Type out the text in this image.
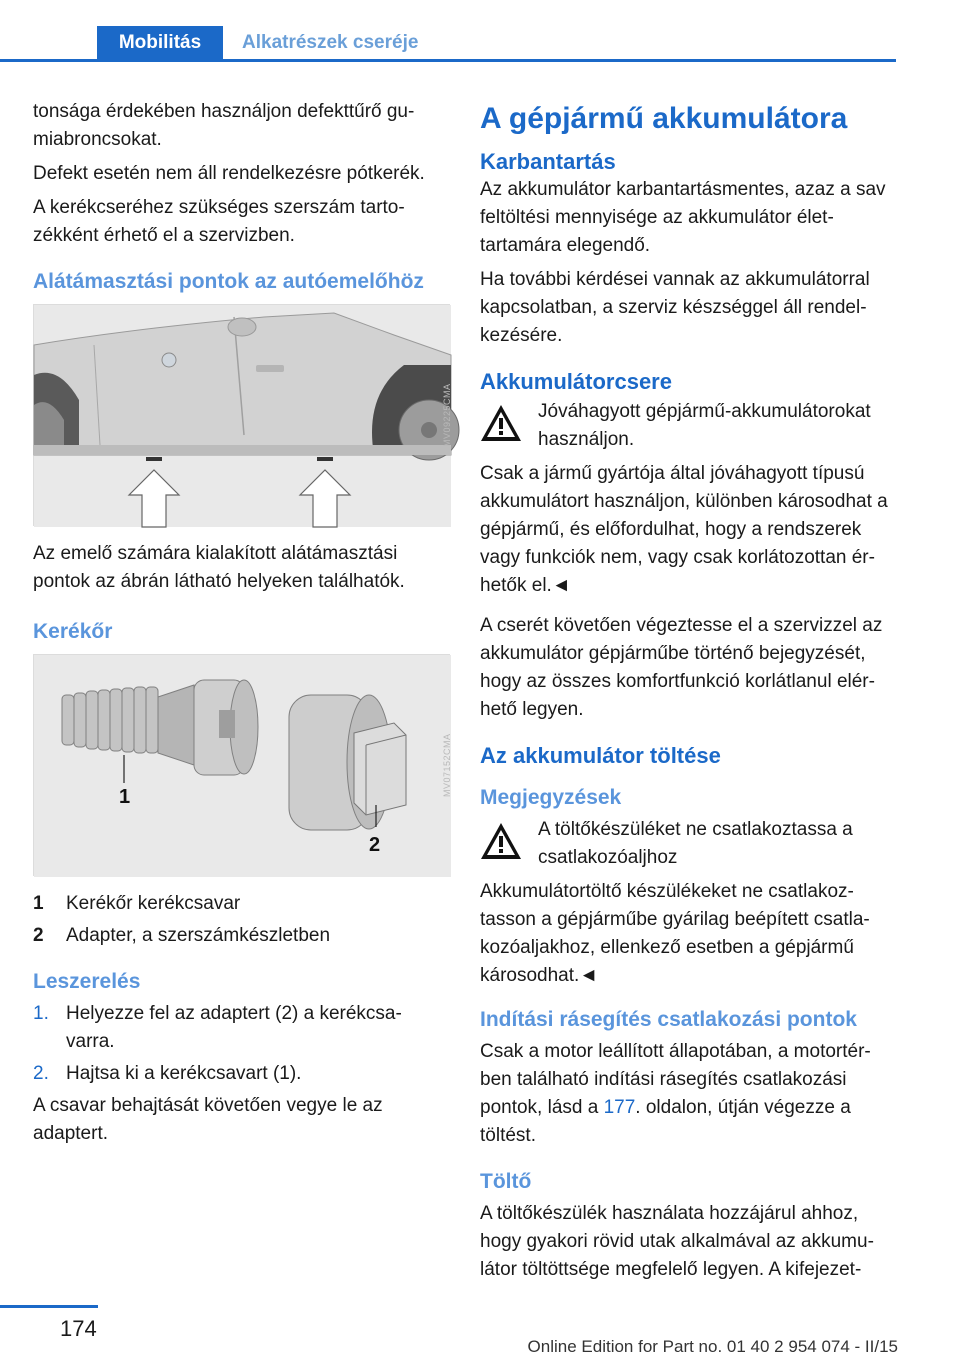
Mobilitás	Alkatrészek cseréje

tonsága érdekében használjon defekttűrő gu-miabroncsokat.

Defekt esetén nem áll rendelkezésre pótkerék.

A kerékcseréhez szükséges szerszám tarto-zékként érhető el a szervizben.

Alátámasztási pontok az autóemelőhöz
MV09225CMA

Az emelő számára kialakított alátámasztási pontok az ábrán látható helyeken találhatók.

Kerékőr
1
2
MV07152CMA
1	Kerékőr kerékcsavar
2	Adapter, a szerszámkészletben
Leszerelés
1. Helyezze fel az adaptert (2) a kerékcsa-varra.
2. Hajtsa ki a kerékcsavart (1).

A csavar behajtását követően vegye le az adaptert.

A gépjármű akkumulátora
Karbantartás

Az akkumulátor karbantartásmentes, azaz a sav feltöltési mennyisége az akkumulátor élet-tartamára elegendő.

Ha további kérdései vannak az akkumulátorral kapcsolatban, a szerviz készséggel áll rendel-kezésére.

Akkumulátorcsere
Jóváhagyott gépjármű-akkumulátorokat használjon.

Csak a jármű gyártója által jóváhagyott típusú akkumulátort használjon, különben károsodhat a gépjármű, és előfordulhat, hogy a rendszerek vagy funkciók nem, vagy csak korlátozottan ér-hetők el.◄

A cserét követően végeztesse el a szervizzel az akkumulátor gépjárműbe történő bejegyzését, hogy az összes komfortfunkció korlátlanul elér-hető legyen.

Az akkumulátor töltése
Megjegyzések
A töltőkészüléket ne csatlakoztassa a csatlakozóaljhoz

Akkumulátortöltő készülékeket ne csatlakoz-tasson a gépjárműbe gyárilag beépített csatla-kozóaljakhoz, ellenkező esetben a gépjármű károsodhat.◄

Indítási rásegítés csatlakozási pontok

Csak a motor leállított állapotában, a motortér-ben található indítási rásegítés csatlakozási pontok, lásd a 177. oldalon, útján végezze a töltést.

Töltő

A töltőkészülék használata hozzájárul ahhoz, hogy gyakori rövid utak alkalmával az akkumu-látor töltöttsége megfelelő legyen. A kifejezet-

174
Online Edition for Part no. 01 40 2 954 074 - II/15
